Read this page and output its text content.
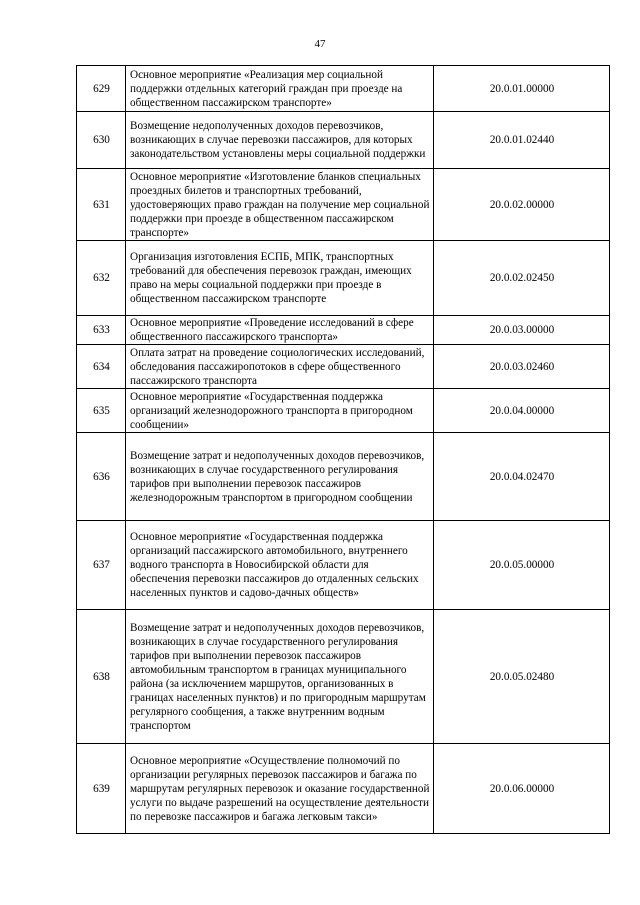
47
629	Основное мероприятие «Реализация мер социальной поддержки отдельных категорий граждан при проезде на общественном пассажирском транспорте»	20.0.01.00000
630	Возмещение недополученных доходов перевозчиков, возникающих в случае перевозки пассажиров, для которых законодательством установлены меры социальной поддержки	20.0.01.02440
631	Основное мероприятие «Изготовление бланков специальных проездных билетов и транспортных требований, удостоверяющих право граждан на получение мер социальной поддержки при проезде в общественном пассажирском транспорте»	20.0.02.00000
632	Организация изготовления ЕСПБ, МПК, транспортных требований для обеспечения перевозок граждан, имеющих право на меры социальной поддержки при проезде в общественном пассажирском транспорте	20.0.02.02450
633	Основное мероприятие «Проведение исследований в сфере общественного пассажирского транспорта»	20.0.03.00000
634	Оплата затрат на проведение социологических исследований, обследования пассажиропотоков в сфере общественного пассажирского транспорта	20.0.03.02460
635	Основное мероприятие «Государственная поддержка организаций железнодорожного транспорта в пригородном сообщении»	20.0.04.00000
636	Возмещение затрат и недополученных доходов перевозчиков, возникающих в случае государственного регулирования тарифов при выполнении перевозок пассажиров железнодорожным транспортом в пригородном сообщении	20.0.04.02470
637	Основное мероприятие «Государственная поддержка организаций пассажирского автомобильного, внутреннего водного транспорта в Новосибирской области для обеспечения перевозки пассажиров до отдаленных сельских населенных пунктов и садово-дачных обществ»	20.0.05.00000
638	Возмещение затрат и недополученных доходов перевозчиков, возникающих в случае государственного регулирования тарифов при выполнении перевозок пассажиров автомобильным транспортом в границах муниципального района (за исключением маршрутов, организованных в границах населенных пунктов) и по пригородным маршрутам регулярного сообщения, а также внутренним водным транспортом	20.0.05.02480
639	Основное мероприятие «Осуществление полномочий по организации регулярных перевозок пассажиров и багажа по маршрутам регулярных перевозок и оказание государственной услуги по выдаче разрешений на осуществление деятельности по перевозке пассажиров и багажа легковым такси»	20.0.06.00000
